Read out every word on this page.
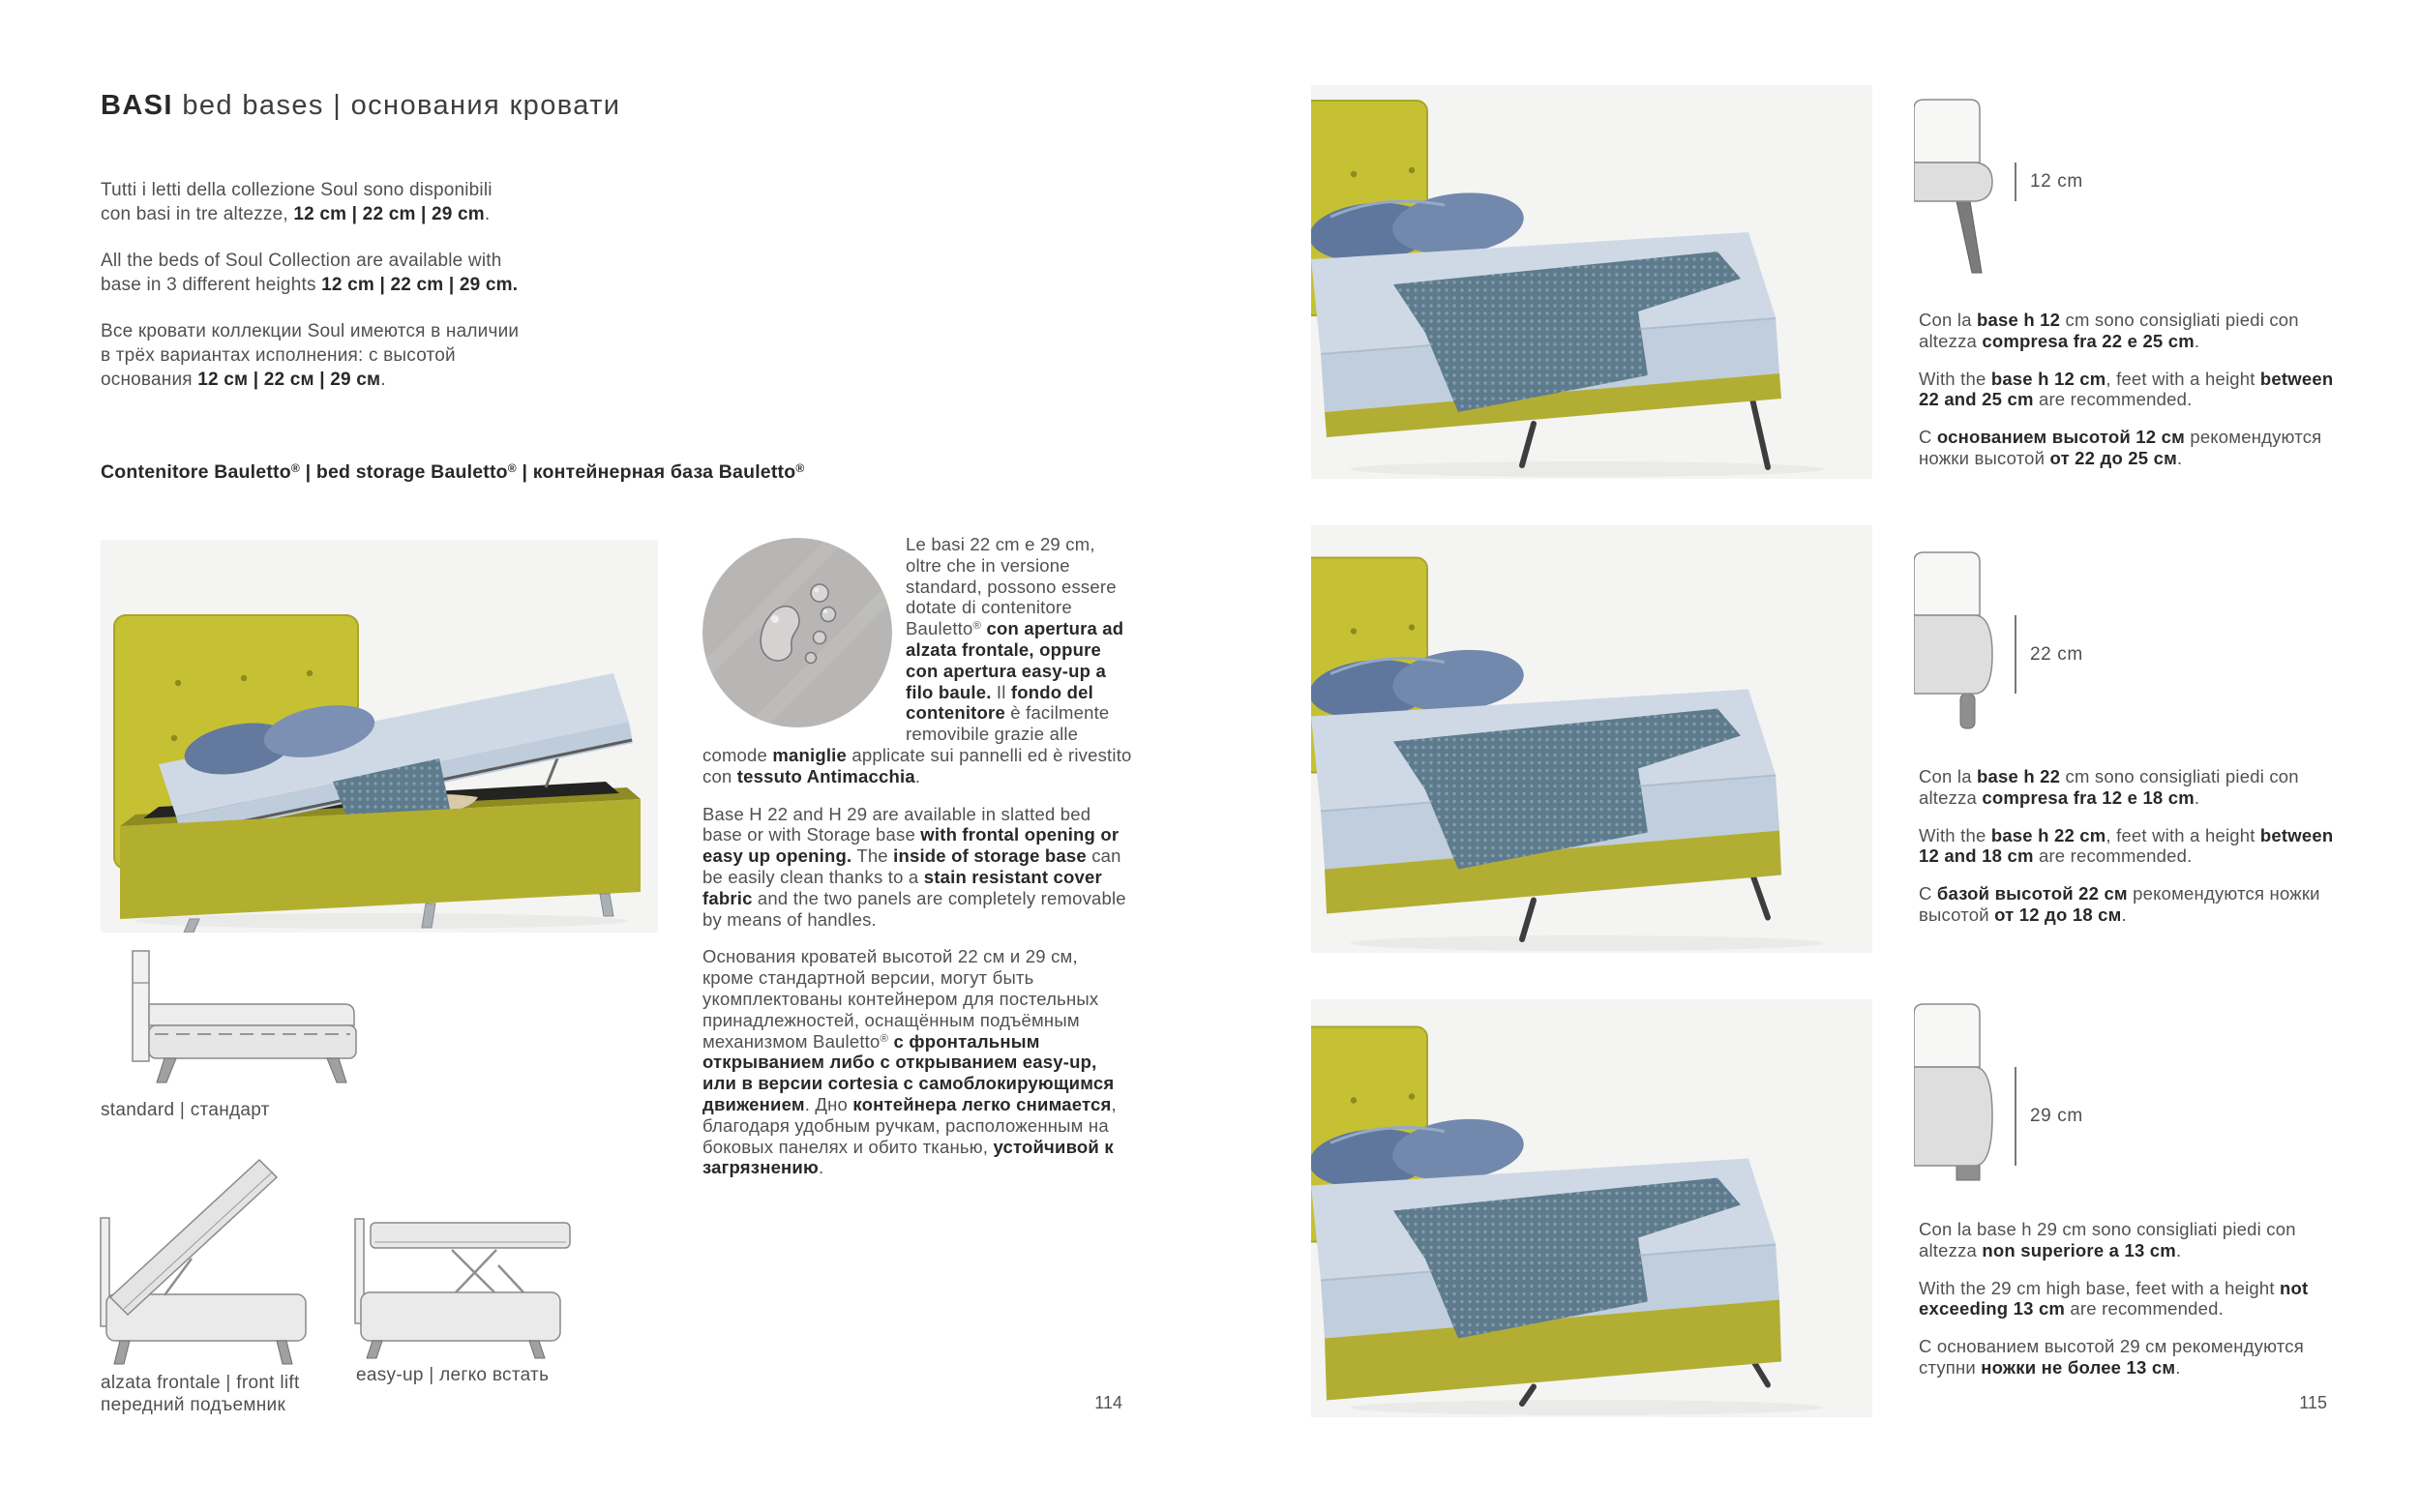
BASI bed bases | основания кровати

Tutti i letti della collezione Soul sono disponibili con basi in tre altezze, 12 cm | 22 cm | 29 cm.

All the beds of Soul Collection are available with base in 3 different heights 12 cm | 22 cm | 29 cm.

Все кровати коллекции Soul имеются в наличии в трёх вариантах исполнения: с высотой основания 12 см | 22 см | 29 см.

Contenitore Bauletto® | bed storage Bauletto® | контейнерная база Bauletto®

Le basi 22 cm e 29 cm, oltre che in versione standard, possono essere dotate di contenitore Bauletto® con apertura ad alzata frontale, oppure con apertura easy-up a filo baule. Il fondo del contenitore è facilmente removibile grazie alle comode maniglie applicate sui pannelli ed è rivestito con tessuto Antimacchia.

Base H 22 and H 29 are available in slatted bed base or with Storage base with frontal opening or easy up opening. The inside of storage base can be easily clean thanks to a stain resistant cover fabric and the two panels are completely removable by means of handles.

Основания кроватей высотой 22 см и 29 см, кроме стандартной версии, могут быть укомплектованы контейнером для постельных принадлежностей, оснащённым подъёмным механизмом Bauletto® с фронтальным открыванием либо с открыванием easy-up, или в версии cortesia с самоблокирующимся движением. Дно контейнера легко снимается, благодаря удобным ручкам, расположенным на боковых панелях и обито тканью, устойчивой к загрязнению.

standard | стандарт
alzata frontale | front lift
передний подъемник
easy-up | легко встать
114
12 cm

Con la base h 12 cm sono consigliati piedi con altezza compresa fra 22 e 25 cm.

With the base h 12 cm, feet with a height between 22 and 25 cm are recommended.

С основанием высотой 12 см рекомендуются ножки высотой от 22 до 25 см.

22 cm

Con la base h 22 cm sono consigliati piedi con altezza compresa fra 12 e 18 cm.

With the base h 22 cm, feet with a height between 12 and 18 cm are recommended.

С базой высотой 22 см рекомендуются ножки высотой от 12 до 18 см.

29 cm

Con la base h 29 cm sono consigliati piedi con altezza non superiore a 13 cm.

With the 29 cm high base, feet with a height not exceeding 13 cm are recommended.

С основанием высотой 29 см рекомендуются ступни ножки не более 13 см.

115
